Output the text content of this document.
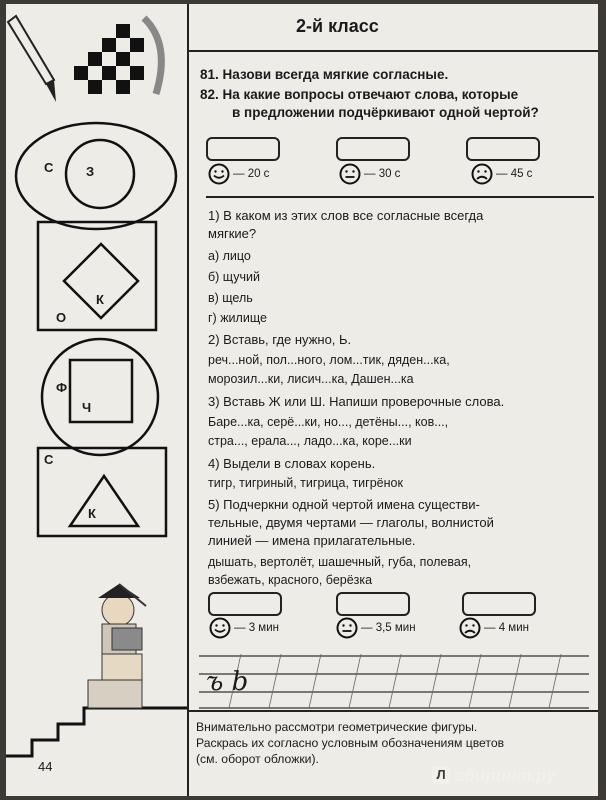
С	З
К
О
Ф
Ч
С
К
2-й класс
81. Назови всегда мягкие согласные.
82. На какие вопросы отвечают слова, которые
в предложении подчёркивают одной чертой?
— 20 с	— 30 с	— 45 с
1) В каком из этих слов все согласные всегда
мягкие?
а) лицо
б) щучий
в) щель
г) жилище
2) Вставь, где нужно, Ь.
реч...ной, пол...ного, лом...тик, дяден...ка,
морозил...ки, лисич...ка, Дашен...ка
3) Вставь Ж или Ш. Напиши проверочные слова.
Баре...ка, серё...ки, но..., детёны..., ков...,
стра..., ерала..., ладо...ка, коре...ки
4) Выдели в словах корень.
тигр, тигриный, тигрица, тигрёнок
5) Подчеркни одной чертой имена существи-
тельные, двумя чертами — глаголы, волнистой
линией — имена прилагательные.
дышать, вертолёт, шашечный, губа, полевая,
взбежать, красного, берёзка
— 3 мин	— 3,5 мин	— 4 мин
ъ b
Внимательно рассмотри геометрические фигуры.
Раскрась их согласно условным обозначениям цветов
(см. оборот обложки).
44
Л абиринт.ру
